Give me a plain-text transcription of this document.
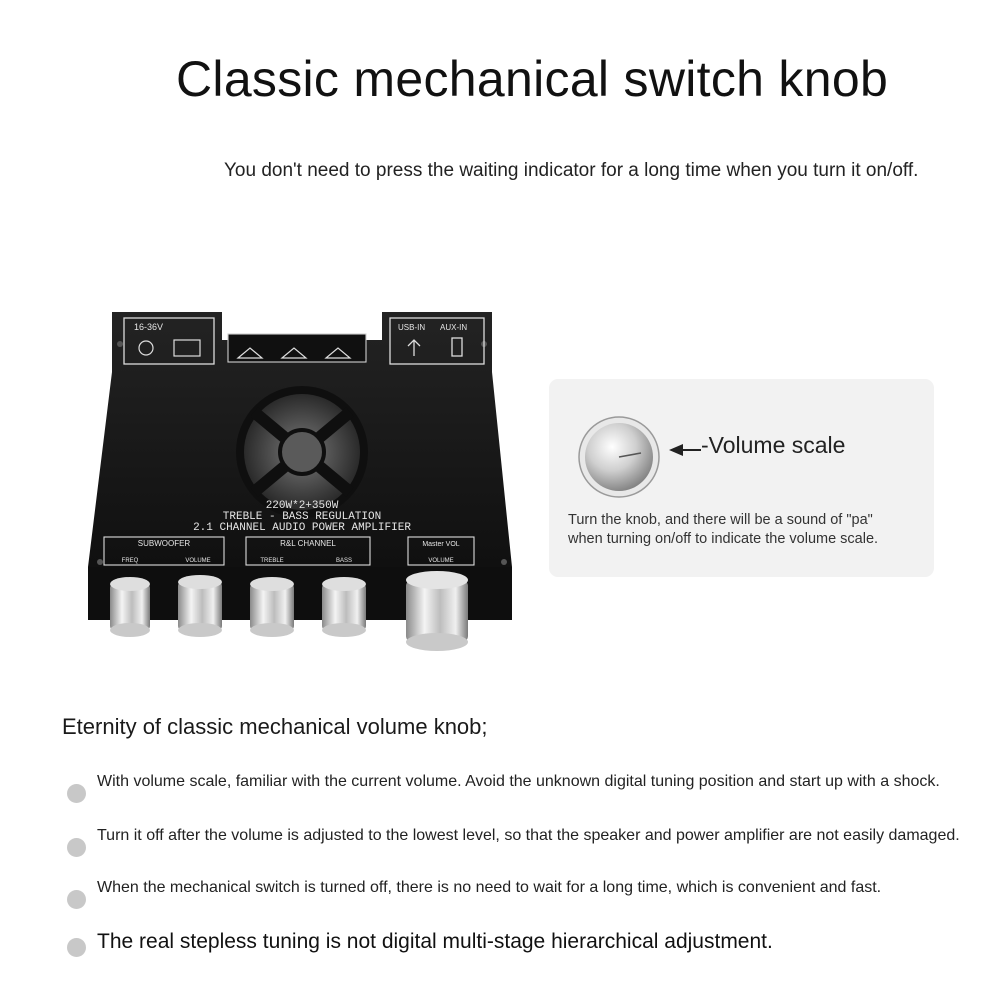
Classic mechanical switch knob
You don't need to press the waiting indicator for a long time when you turn it on/off.
16-36V	USB-IN AUX-IN
220W*2+350W
TREBLE - BASS REGULATION
2.1 CHANNEL AUDIO POWER AMPLIFIER
SUBWOOFER
FREQ	VOLUME
R&L CHANNEL
TREBLE	BASS
Master VOL
VOLUME
-Volume scale
Turn the knob, and there will be a sound of "pa"
when turning on/off to indicate the volume scale.
Eternity of classic mechanical volume knob;
With volume scale, familiar with the current volume. Avoid the unknown digital tuning position and start up with a shock.
Turn it off after the volume is adjusted to the lowest level, so that the speaker and power amplifier are not easily damaged.
When the mechanical switch is turned off, there is no need to wait for a long time, which is convenient and fast.
The real stepless tuning is not digital multi-stage hierarchical adjustment.
